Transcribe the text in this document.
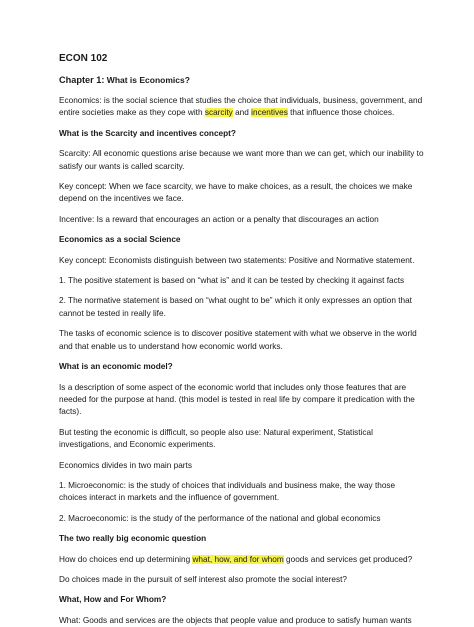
ECON 102

Chapter 1: What is Economics?

Economics: is the social science that studies the choice that individuals, business, government, and entire societies make as they cope with scarcity and incentives that influence those choices.

What is the Scarcity and incentives concept?

Scarcity: All economic questions arise because we want more than we can get, which our inability to satisfy our wants is called scarcity.

Key concept: When we face scarcity, we have to make choices, as a result, the choices we make depend on the incentives we face.

Incentive: Is a reward that encourages an action or a penalty that discourages an action

Economics as a social Science

Key concept: Economists distinguish between two statements: Positive and Normative statement.

1. The positive statement is based on “what is” and it can be tested by checking it against facts

2. The normative statement is based on “what ought to be” which it only expresses an option that cannot be tested in really life.

The tasks of economic science is to discover positive statement with what we observe in the world and that enable us to understand how economic world works.

What is an economic model?

Is a description of some aspect of the economic world that includes only those features that are needed for the purpose at hand. (this model is tested in real life by compare it predication with the facts).

But testing the economic is difficult, so people also use: Natural experiment, Statistical investigations, and Economic experiments.

Economics divides in two main parts

1. Microeconomic: is the study of choices that individuals and business make, the way those choices interact in markets and the influence of government.

2. Macroeconomic: is the study of the performance of the national and global economics

The two really big economic question

How do choices end up determining what, how, and for whom goods and services get produced?

Do choices made in the pursuit of self interest also promote the social interest?

What, How and For Whom?

What: Goods and services are the objects that people value and produce to satisfy human wants
